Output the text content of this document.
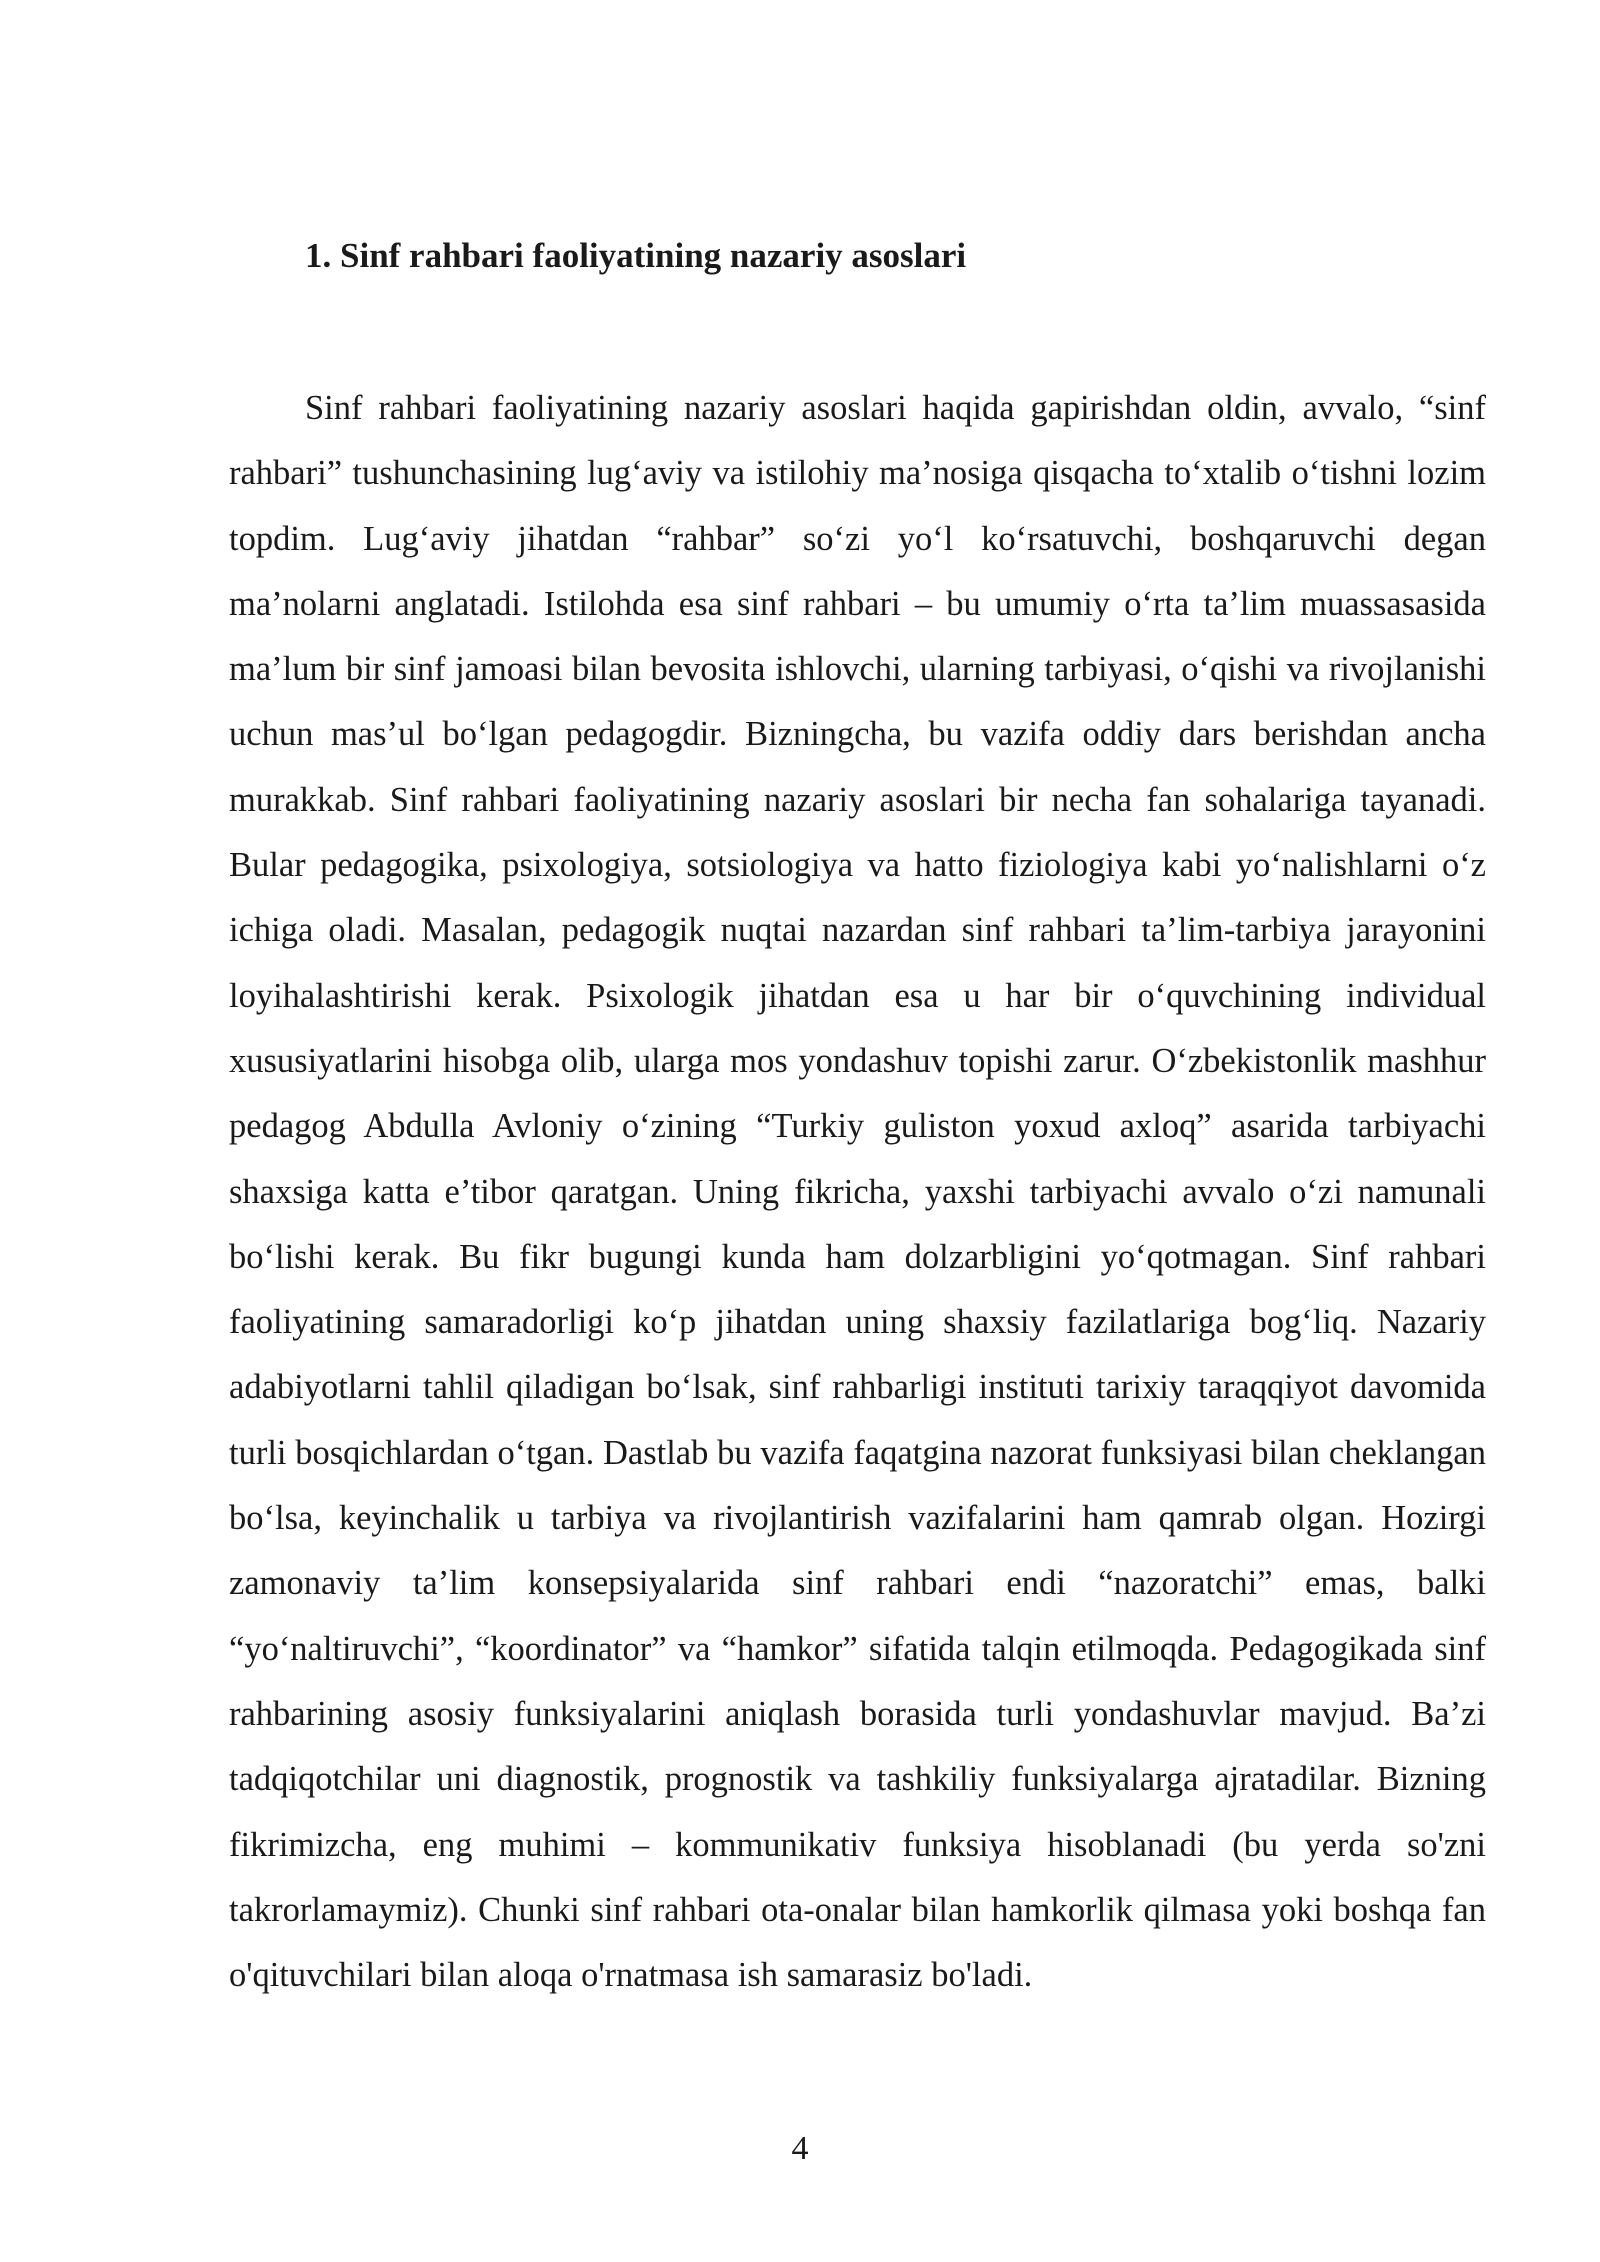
1. Sinf rahbari faoliyatining nazariy asoslari

Sinf rahbari faoliyatining nazariy asoslari haqida gapirishdan oldin, avvalo, “sinf rahbari” tushunchasining lug‘aviy va istilohiy ma’nosiga qisqacha to‘xtalib o‘tishni lozim topdim. Lug‘aviy jihatdan “rahbar” so‘zi yo‘l ko‘rsatuvchi, boshqaruvchi degan ma’nolarni anglatadi. Istilohda esa sinf rahbari – bu umumiy o‘rta ta’lim muassasasida ma’lum bir sinf jamoasi bilan bevosita ishlovchi, ularning tarbiyasi, o‘qishi va rivojlanishi uchun mas’ul bo‘lgan pedagogdir. Bizningcha, bu vazifa oddiy dars berishdan ancha murakkab. Sinf rahbari faoliyatining nazariy asoslari bir necha fan sohalariga tayanadi. Bular pedagogika, psixologiya, sotsiologiya va hatto fiziologiya kabi yo‘nalishlarni o‘z ichiga oladi. Masalan, pedagogik nuqtai nazardan sinf rahbari ta’lim-tarbiya jarayonini loyihalashtirishi kerak. Psixologik jihatdan esa u har bir o‘quvchining individual xususiyatlarini hisobga olib, ularga mos yondashuv topishi zarur. O‘zbekistonlik mashhur pedagog Abdulla Avloniy o‘zining “Turkiy guliston yoxud axloq” asarida tarbiyachi shaxsiga katta e’tibor qaratgan. Uning fikricha, yaxshi tarbiyachi avvalo o‘zi namunali bo‘lishi kerak. Bu fikr bugungi kunda ham dolzarbligini yo‘qotmagan. Sinf rahbari faoliyatining samaradorligi ko‘p jihatdan uning shaxsiy fazilatlariga bog‘liq. Nazariy adabiyotlarni tahlil qiladigan bo‘lsak, sinf rahbarligi instituti tarixiy taraqqiyot davomida turli bosqichlardan o‘tgan. Dastlab bu vazifa faqatgina nazorat funksiyasi bilan cheklangan bo‘lsa, keyinchalik u tarbiya va rivojlantirish vazifalarini ham qamrab olgan. Hozirgi zamonaviy ta’lim konsepsiyalarida sinf rahbari endi “nazoratchi” emas, balki “yo‘naltiruvchi”, “koordinator” va “hamkor” sifatida talqin etilmoqda. Pedagogikada sinf rahbarining asosiy funksiyalarini aniqlash borasida turli yondashuvlar mavjud. Ba’zi tadqiqotchilar uni diagnostik, prognostik va tashkiliy funksiyalarga ajratadilar. Bizning fikrimizcha, eng muhimi – kommunikativ funksiya hisoblanadi (bu yerda so'zni takrorlamaymiz). Chunki sinf rahbari ota-onalar bilan hamkorlik qilmasa yoki boshqa fan o'qituvchilari bilan aloqa o'rnatmasa ish samarasiz bo'ladi.

4
